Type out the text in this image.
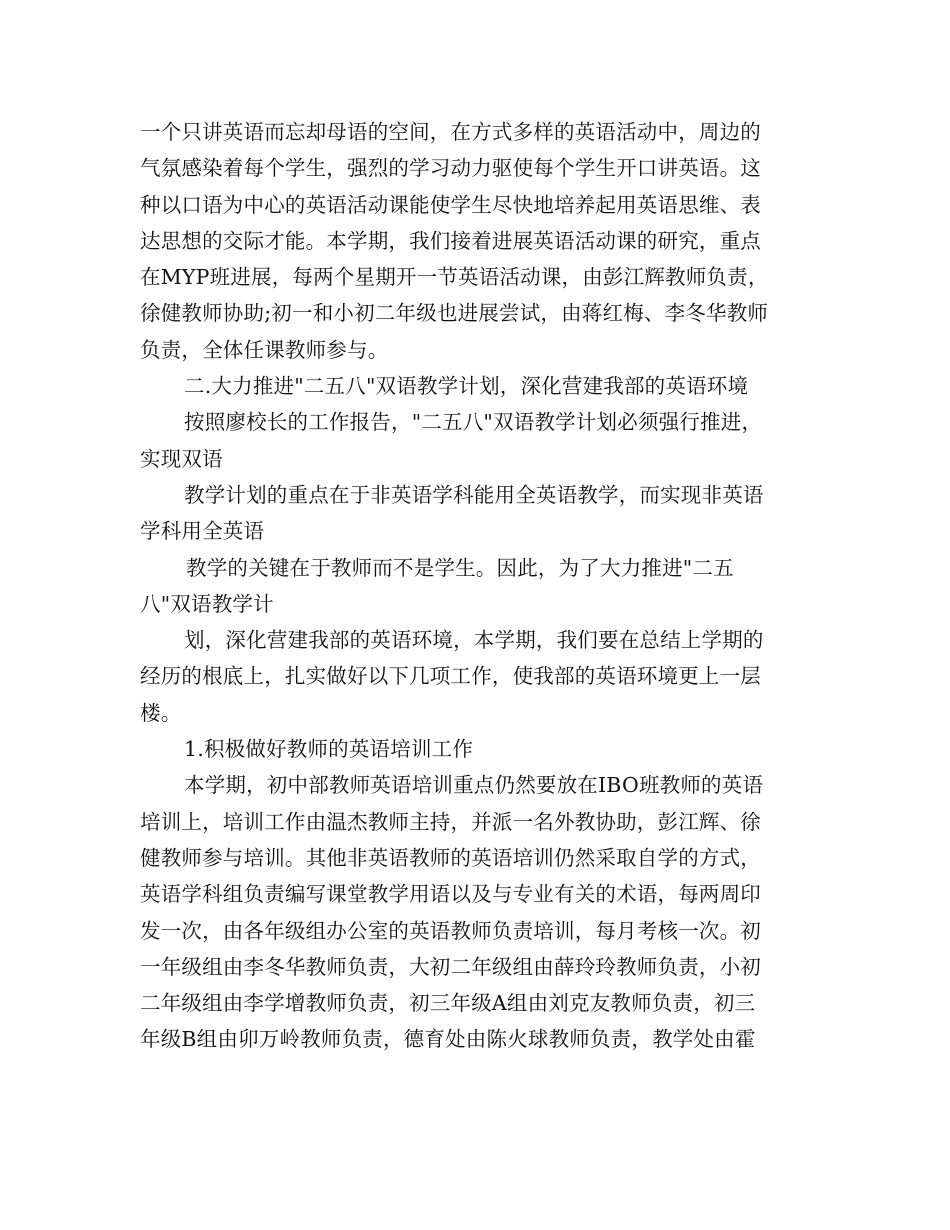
一个只讲英语而忘却母语的空间，在方式多样的英语活动中，周边的
气氛感染着每个学生，强烈的学习动力驱使每个学生开口讲英语。这
种以口语为中心的英语活动课能使学生尽快地培养起用英语思维、表
达思想的交际才能。本学期，我们接着进展英语活动课的研究，重点
在MYP班进展，每两个星期开一节英语活动课，由彭江辉教师负责，
徐健教师协助;初一和小初二年级也进展尝试，由蒋红梅、李冬华教师
负责，全体任课教师参与。
二.大力推进"二五八"双语教学计划，深化营建我部的英语环境
按照廖校长的工作报告，"二五八"双语教学计划必须强行推进，
实现双语
教学计划的重点在于非英语学科能用全英语教学，而实现非英语
学科用全英语
教学的关键在于教师而不是学生。因此，为了大力推进"二五
八"双语教学计
划，深化营建我部的英语环境，本学期，我们要在总结上学期的
经历的根底上，扎实做好以下几项工作，使我部的英语环境更上一层
楼。
1.积极做好教师的英语培训工作
本学期，初中部教师英语培训重点仍然要放在IBO班教师的英语
培训上，培训工作由温杰教师主持，并派一名外教协助，彭江辉、徐
健教师参与培训。其他非英语教师的英语培训仍然采取自学的方式，
英语学科组负责编写课堂教学用语以及与专业有关的术语，每两周印
发一次，由各年级组办公室的英语教师负责培训，每月考核一次。初
一年级组由李冬华教师负责，大初二年级组由薛玲玲教师负责，小初
二年级组由李学增教师负责，初三年级A组由刘克友教师负责，初三
年级B组由卯万岭教师负责，德育处由陈火球教师负责，教学处由霍
